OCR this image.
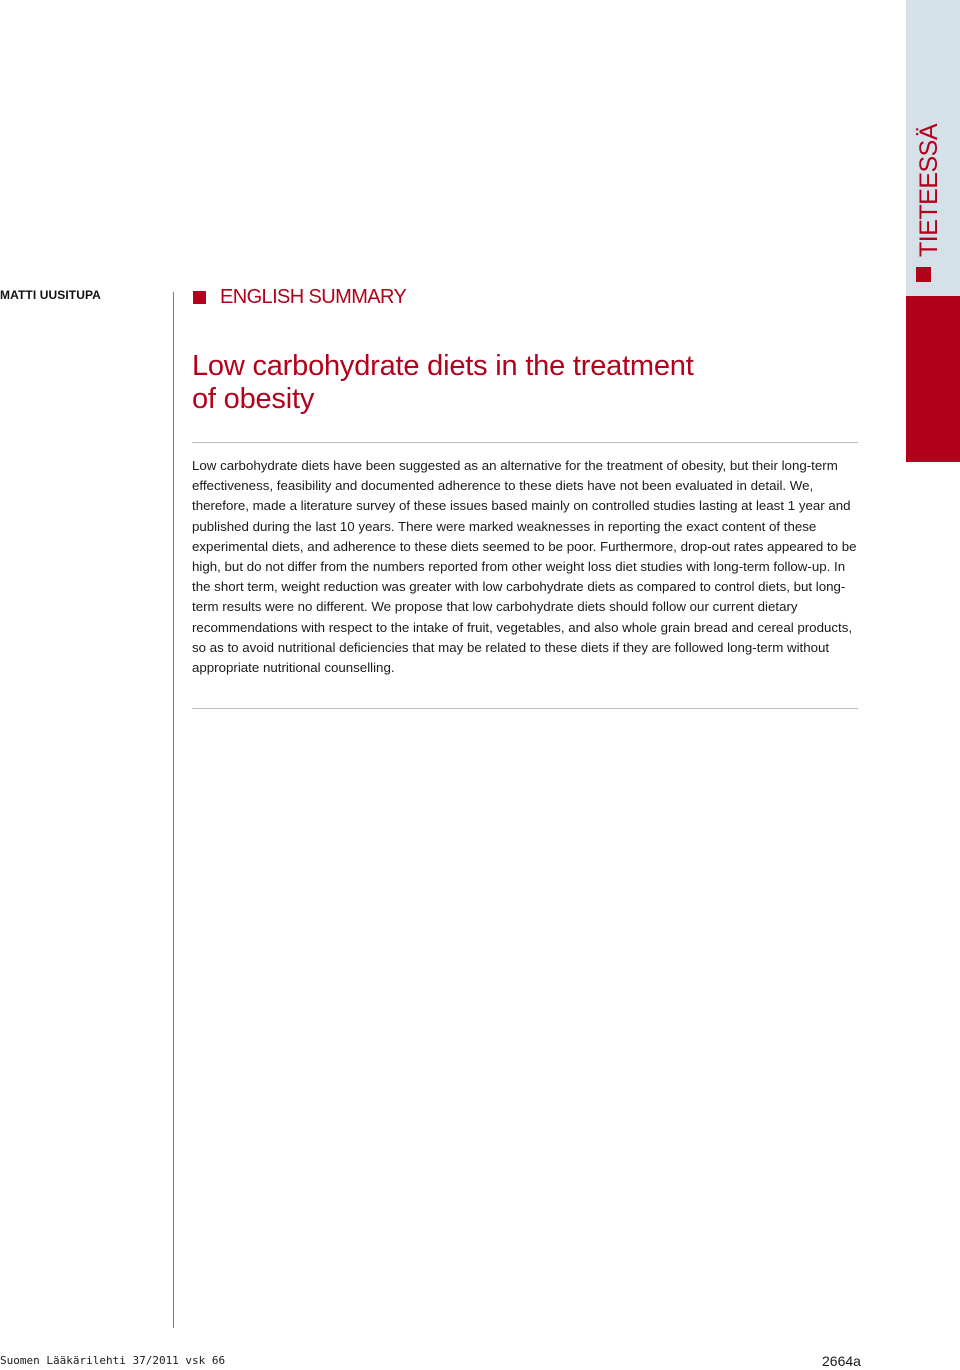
MATTI UUSITUPA	ENGLISH SUMMARY
Low carbohydrate diets in the treatment
of obesity

Low carbohydrate diets have been suggested as an alternative for the treatment of obesity, but their long-term effectiveness, feasibility and documented adherence to these diets have not been evaluated in detail. We, therefore, made a literature survey of these issues based mainly on controlled studies lasting at least 1 year and published during the last 10 years. There were marked weaknesses in reporting the exact content of these experimental diets, and adherence to these diets seemed to be poor. Furthermore, drop-out rates appeared to be high, but do not differ from the numbers reported from other weight loss diet studies with long-term follow-up. In the short term, weight reduction was greater with low carbohydrate diets as compared to control diets, but long-term results were no different. We propose that low carbohydrate diets should follow our current dietary recommendations with respect to the intake of fruit, vegetables, and also whole grain bread and cereal products, so as to avoid nutritional deficiencies that may be related to these diets if they are followed long-term without appropriate nutritional counselling.

TIETEESSÄ
Suomen Lääkärilehti 37/2011 vsk 66	2664a
